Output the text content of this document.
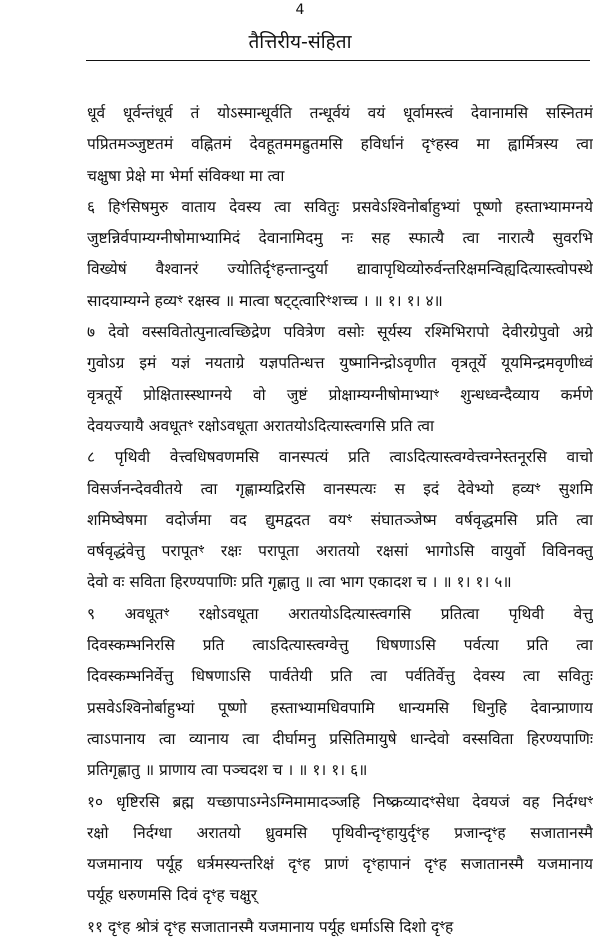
4
तैत्तिरीय-संहिता
धूर्व धूर्वन्तंधूर्व तं योऽस्मान्धूर्वति तन्धूर्वयं वयं धूर्वामस्त्वं देवानामसि सस्नितमं
पप्रितमञ्जुष्टतमं वह्नितमं देवहूतममह्रुतमसि हविर्धानं दृꣳहस्व मा ह्वार्मित्रस्य त्वा
चक्षुषा प्रेक्षे मा भेर्मा संविक्था मा त्वा
६ हिꣳसिषमुरु वाताय देवस्य त्वा सवितुः प्रसवेऽश्विनोर्बाहुभ्यां पूष्णो हस्ताभ्यामग्नये
जुष्टन्निर्वपाम्यग्नीषोमाभ्यामिदं देवानामिदमु नः सह स्फात्यै त्वा नारात्यै सुवरभि
विख्येषं वैश्वानरं ज्योतिर्दृꣳहन्तान्दुर्या द्यावापृथिव्योरुर्वन्तरिक्षमन्विह्यदित्यास्त्वोपस्थे
सादयाम्यग्ने हव्यꣳ रक्षस्व ॥ मात्वा षट्ट्त्वारिꣳशच्च । ॥ १। १। ४॥
७ देवो वस्सवितोत्पुनात्वच्छिद्रेण पवित्रेण वसोः सूर्यस्य रश्मिभिरापो देवीरग्रेपुवो अग्रे
गुवोऽग्र इमं यज्ञं नयताग्रे यज्ञपतिन्धत्त युष्मानिन्द्रोऽवृणीत वृत्रतूर्ये यूयमिन्द्रमवृणीध्वं
वृत्रतूर्ये प्रोक्षितास्स्थाग्नये वो जुष्टं प्रोक्षाम्यग्नीषोमाभ्याꣳ शुन्धध्वन्दैव्याय कर्मणे
देवयज्यायै अवधूतꣳ रक्षोऽवधूता अरातयोऽदित्यास्त्वगसि प्रति त्वा
८ पृथिवी वेत्त्वधिषवणमसि वानस्पत्यं प्रति त्वाऽदित्यास्त्वग्वेत्त्वग्नेस्तनूरसि वाचो
विसर्जनन्देववीतये त्वा गृह्णाम्यद्रिरसि वानस्पत्यः स इदं देवेभ्यो हव्यꣳ सुशमि
शमिष्वेषमा वदोर्जमा वद द्युमद्वदत वयꣳ संघातञ्जेष्म वर्षवृद्धमसि प्रति त्वा
वर्षवृद्धंवेत्तु परापूतꣳ रक्षः परापूता अरातयो रक्षसां भागोऽसि वायुर्वो विविनक्तु
देवो वः सविता हिरण्यपाणिः प्रति गृह्णातु ॥ त्वा भाग एकादश च । ॥ १। १। ५॥
९ अवधूतꣳ रक्षोऽवधूता अरातयोऽदित्यास्त्वगसि प्रतित्वा पृथिवी वेत्तु
दिवस्कम्भनिरसि प्रति त्वाऽदित्यास्त्वग्वेत्तु धिषणाऽसि पर्वत्या प्रति त्वा
दिवस्कम्भनिर्वेत्तु धिषणाऽसि पार्वतेयी प्रति त्वा पर्वतिर्वेत्तु देवस्य त्वा सवितुः
प्रसवेऽश्विनोर्बाहुभ्यां पूष्णो हस्ताभ्यामधिवपामि धान्यमसि धिनुहि देवान्प्राणाय
त्वाऽपानाय त्वा व्यानाय त्वा दीर्घामनु प्रसितिमायुषे धान्देवो वस्सविता हिरण्यपाणिः
प्रतिगृह्णातु ॥ प्राणाय त्वा पञ्चदश च । ॥ १। १। ६॥
१० धृष्टिरसि ब्रह्म यच्छापाऽग्नेऽग्निमामादञ्जहि निष्क्रव्यादꣳसेधा देवयजं वह निर्दग्धꣳ
रक्षो निर्दग्धा अरातयो ध्रुवमसि पृथिवीन्दृꣳहायुर्दृꣳह प्रजान्दृꣳह सजातानस्मै
यजमानाय पर्यूह धर्त्रमस्यन्तरिक्षं दृꣳह प्राणं दृꣳहापानं दृꣳह सजातानस्मै यजमानाय
पर्यूह धरुणमसि दिवं दृꣳह चक्षुर्
११ दृꣳह श्रोत्रं दृꣳह सजातानस्मै यजमानाय पर्यूह धर्माऽसि दिशो दृꣳह
